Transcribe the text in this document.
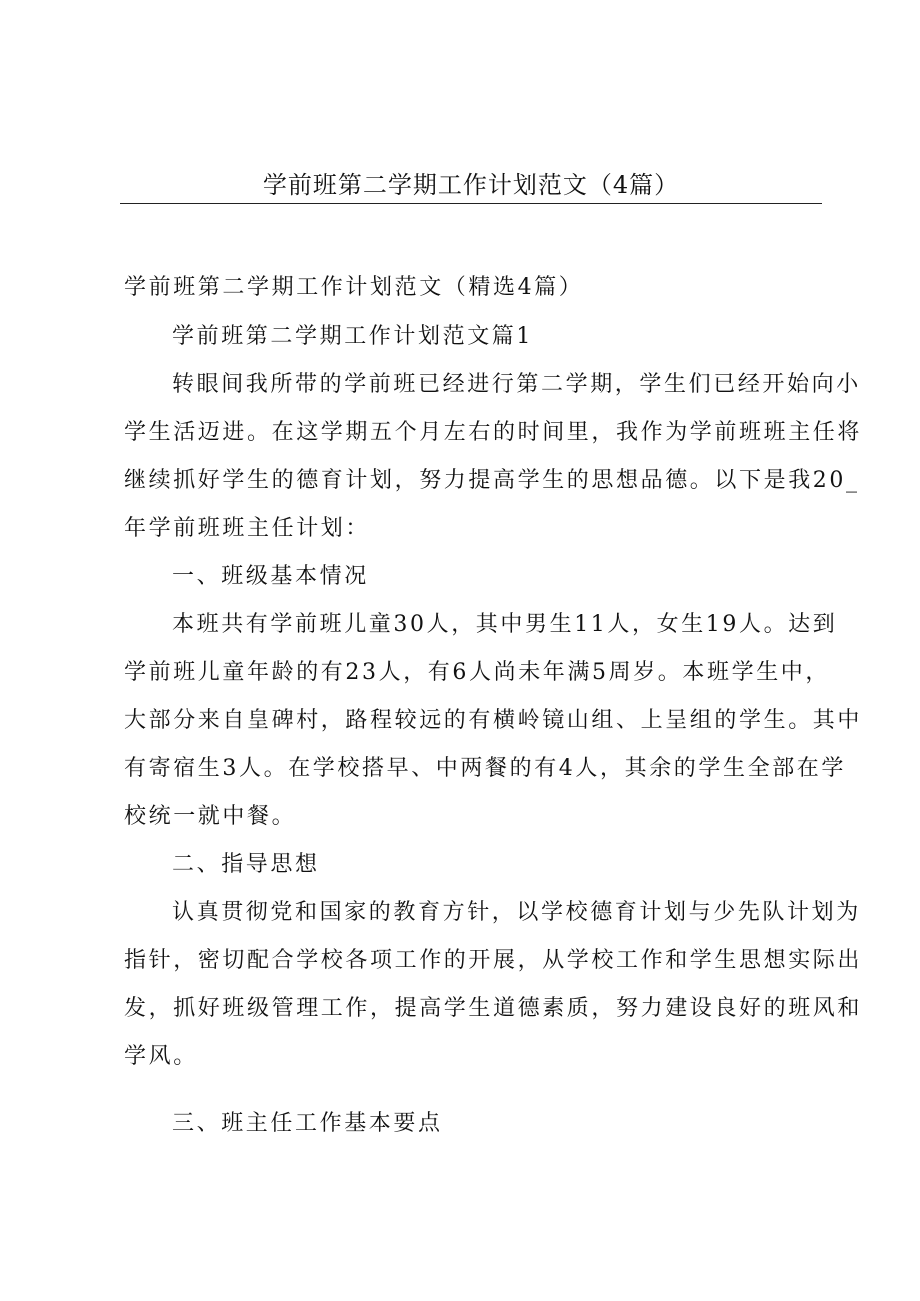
学前班第二学期工作计划范文（4篇）
学前班第二学期工作计划范文（精选4篇）
学前班第二学期工作计划范文篇1
转眼间我所带的学前班已经进行第二学期，学生们已经开始向小
学生活迈进。在这学期五个月左右的时间里，我作为学前班班主任将
继续抓好学生的德育计划，努力提高学生的思想品德。以下是我20_
年学前班班主任计划：
一、班级基本情况
本班共有学前班儿童30人，其中男生11人，女生19人。达到
学前班儿童年龄的有23人，有6人尚未年满5周岁。本班学生中，
大部分来自皇碑村，路程较远的有横岭镜山组、上呈组的学生。其中
有寄宿生3人。在学校搭早、中两餐的有4人，其余的学生全部在学
校统一就中餐。
二、指导思想
认真贯彻党和国家的教育方针，以学校德育计划与少先队计划为
指针，密切配合学校各项工作的开展，从学校工作和学生思想实际出
发，抓好班级管理工作，提高学生道德素质，努力建设良好的班风和
学风。
三、班主任工作基本要点
